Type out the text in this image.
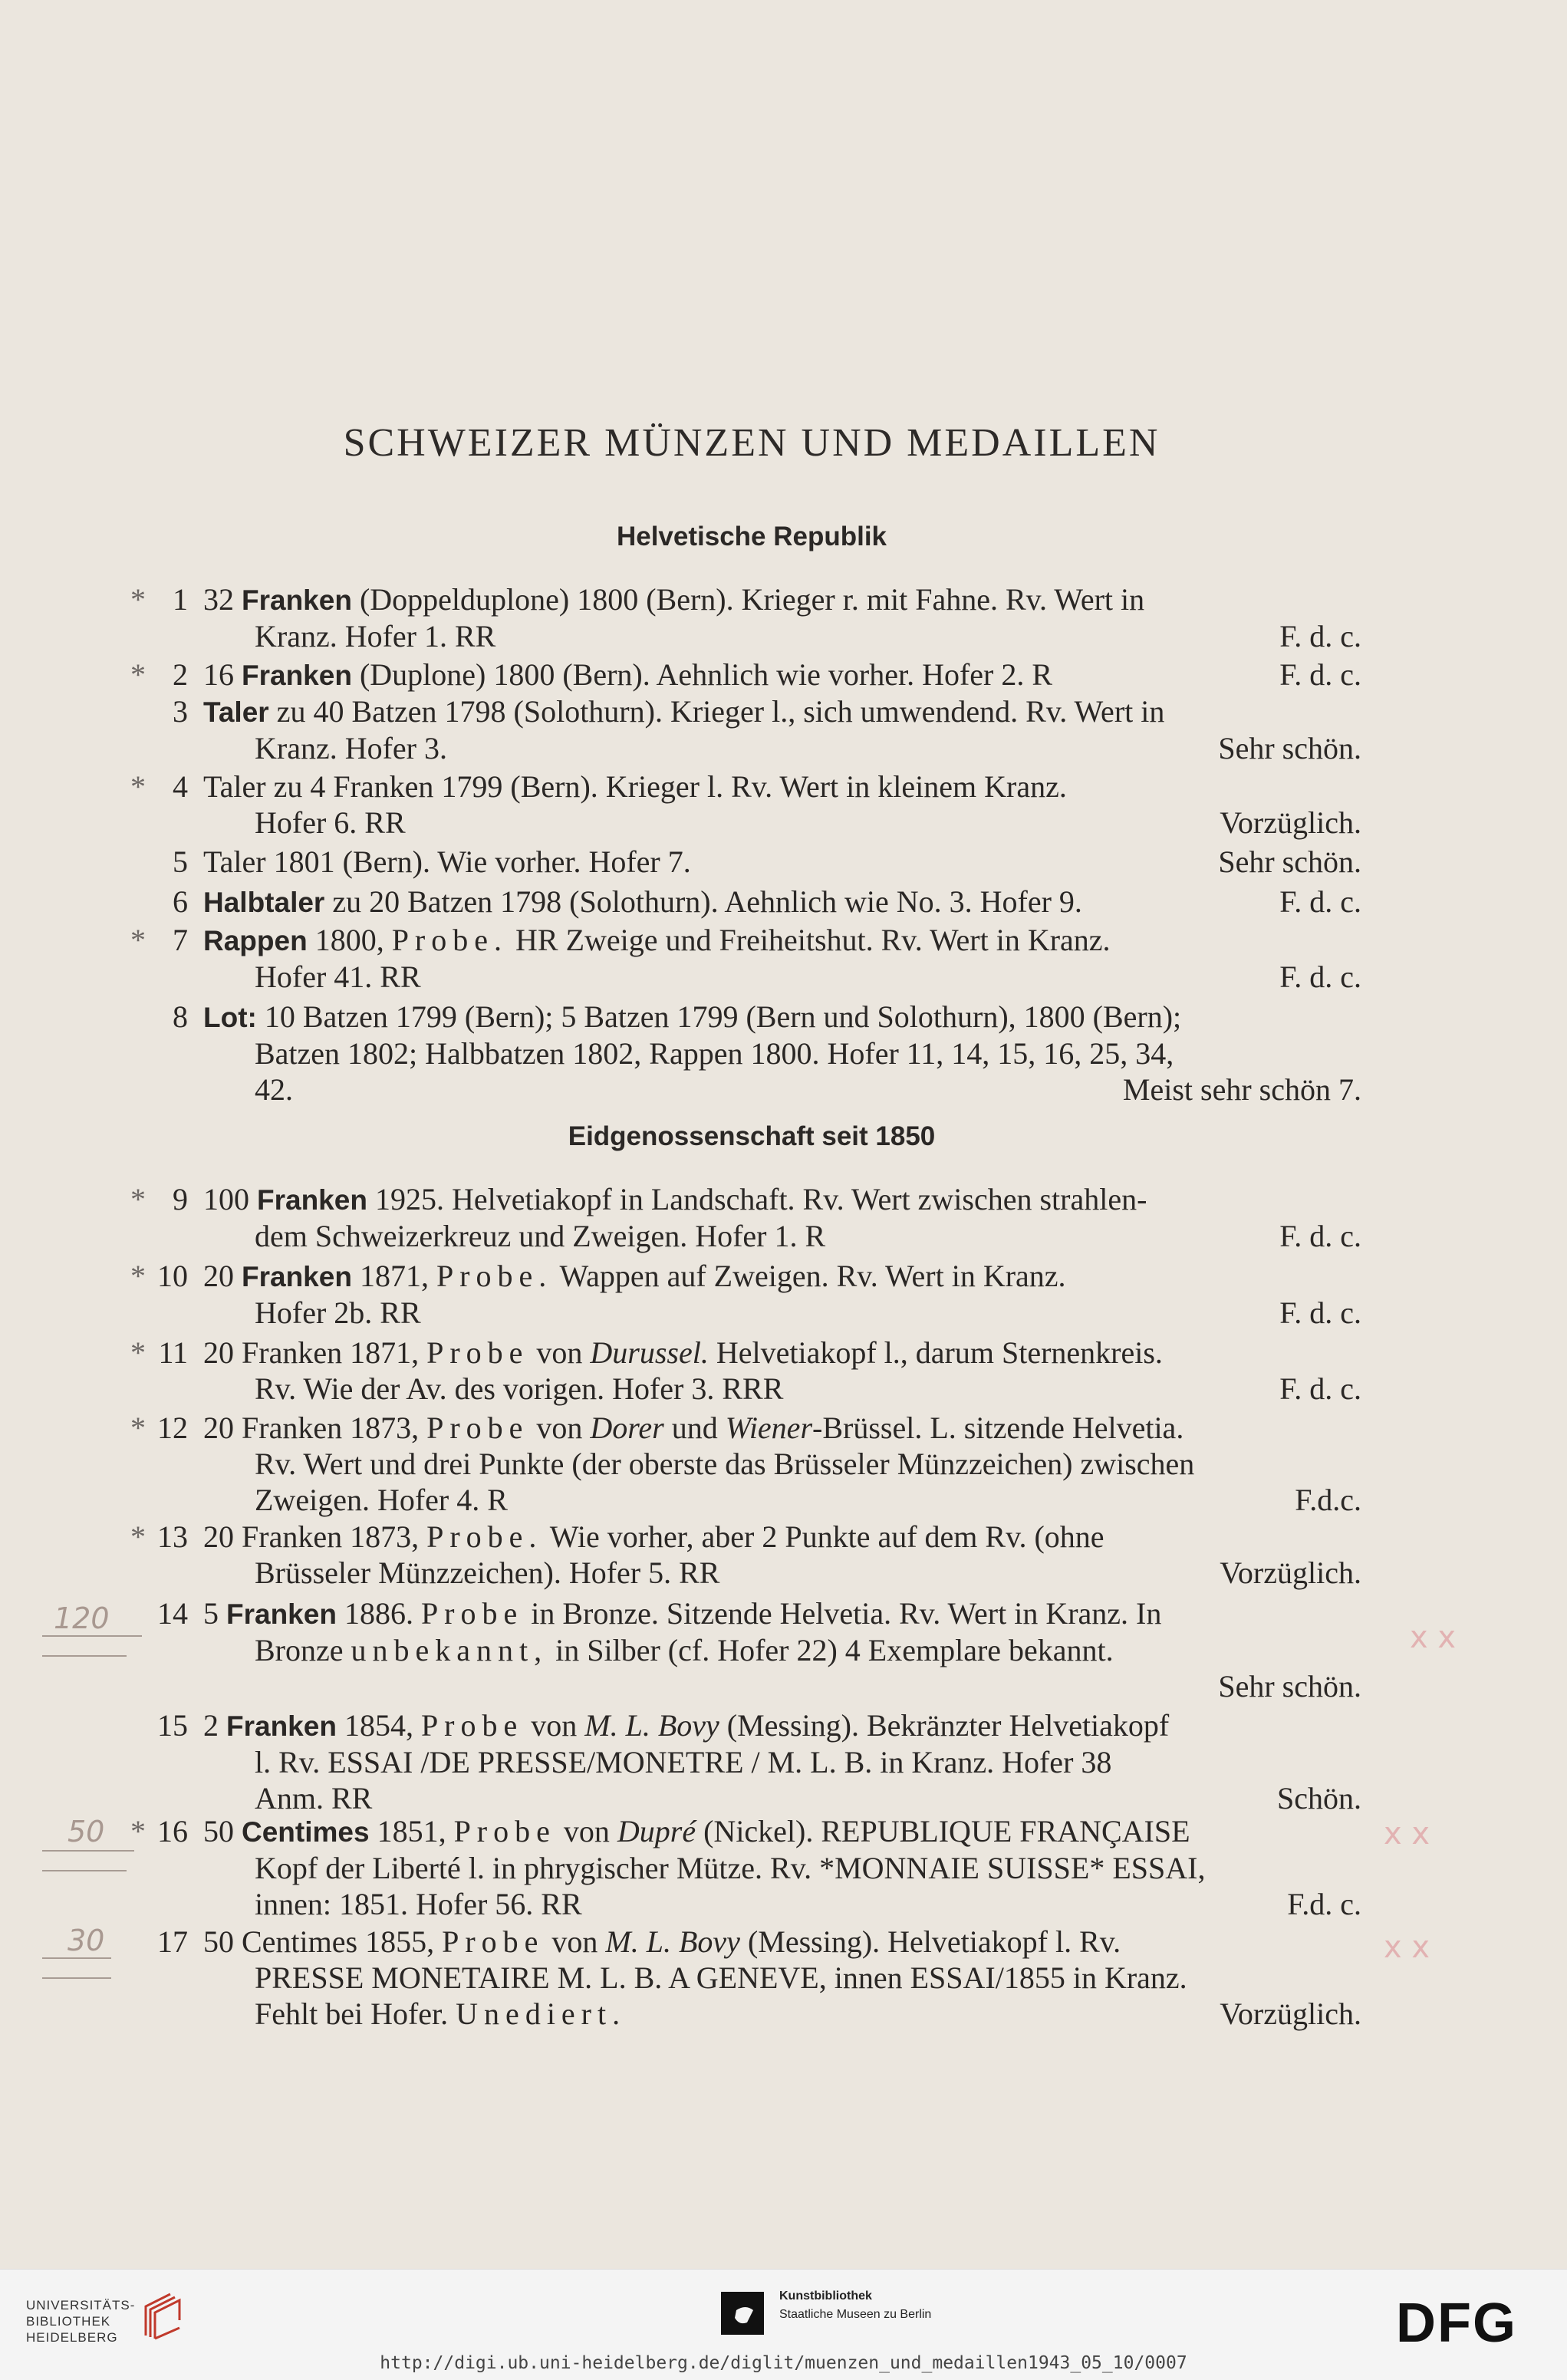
SCHWEIZER MÜNZEN UND MEDAILLEN
Helvetische Republik
* 1 32 Franken (Doppelduplone) 1800 (Bern). Krieger r. mit Fahne. Rv. Wert in
Kranz. Hofer 1. RR	F. d. c.
* 2 16 Franken (Duplone) 1800 (Bern). Aehnlich wie vorher. Hofer 2. R	F. d. c.
3 Taler zu 40 Batzen 1798 (Solothurn). Krieger l., sich umwendend. Rv. Wert in
Kranz. Hofer 3.	Sehr schön.
* 4 Taler zu 4 Franken 1799 (Bern). Krieger l. Rv. Wert in kleinem Kranz.
Hofer 6. RR	Vorzüglich.
5 Taler 1801 (Bern). Wie vorher. Hofer 7.	Sehr schön.
6 Halbtaler zu 20 Batzen 1798 (Solothurn). Aehnlich wie No. 3. Hofer 9.	F. d. c.
* 7 Rappen 1800, Probe. HR Zweige und Freiheitshut. Rv. Wert in Kranz.
Hofer 41. RR	F. d. c.
8 Lot: 10 Batzen 1799 (Bern); 5 Batzen 1799 (Bern und Solothurn), 1800 (Bern);
Batzen 1802; Halbbatzen 1802, Rappen 1800. Hofer 11, 14, 15, 16, 25, 34,
42.	Meist sehr schön 7.
Eidgenossenschaft seit 1850
* 9 100 Franken 1925. Helvetiakopf in Landschaft. Rv. Wert zwischen strahlen-
dem Schweizerkreuz und Zweigen. Hofer 1. R	F. d. c.
* 10 20 Franken 1871, Probe. Wappen auf Zweigen. Rv. Wert in Kranz.
Hofer 2b. RR	F. d. c.
* 11 20 Franken 1871, Probe von Durussel. Helvetiakopf l., darum Sternenkreis.
Rv. Wie der Av. des vorigen. Hofer 3. RRR	F. d. c.
* 12 20 Franken 1873, Probe von Dorer und Wiener-Brüssel. L. sitzende Helvetia.
Rv. Wert und drei Punkte (der oberste das Brüsseler Münzzeichen) zwischen
Zweigen. Hofer 4. R	F.d.c.
* 13 20 Franken 1873, Probe. Wie vorher, aber 2 Punkte auf dem Rv. (ohne
Brüsseler Münzzeichen). Hofer 5. RR	Vorzüglich.
14 5 Franken 1886. Probe in Bronze. Sitzende Helvetia. Rv. Wert in Kranz. In
Bronze unbekannt, in Silber (cf. Hofer 22) 4 Exemplare bekannt.
Sehr schön.
15 2 Franken 1854, Probe von M. L. Bovy (Messing). Bekränzter Helvetiakopf
l. Rv. ESSAI /DE PRESSE/MONETRE / M. L. B. in Kranz. Hofer 38
Anm. RR	Schön.
* 16 50 Centimes 1851, Probe von Dupré (Nickel). REPUBLIQUE FRANÇAISE
Kopf der Liberté l. in phrygischer Mütze. Rv. *MONNAIE SUISSE* ESSAI,
innen: 1851. Hofer 56. RR	F.d. c.
17 50 Centimes 1855, Probe von M. L. Bovy (Messing). Helvetiakopf l. Rv.
PRESSE MONETAIRE M. L. B. A GENEVE, innen ESSAI/1855 in Kranz.
Fehlt bei Hofer. Unediert.	Vorzüglich.
120
50
30
x x
x x
x x
UNIVERSITÄTS-
BIBLIOTHEK
HEIDELBERG
Kunstbibliothek
Staatliche Museen zu Berlin	DFG
http://digi.ub.uni-heidelberg.de/diglit/muenzen_und_medaillen1943_05_10/0007
